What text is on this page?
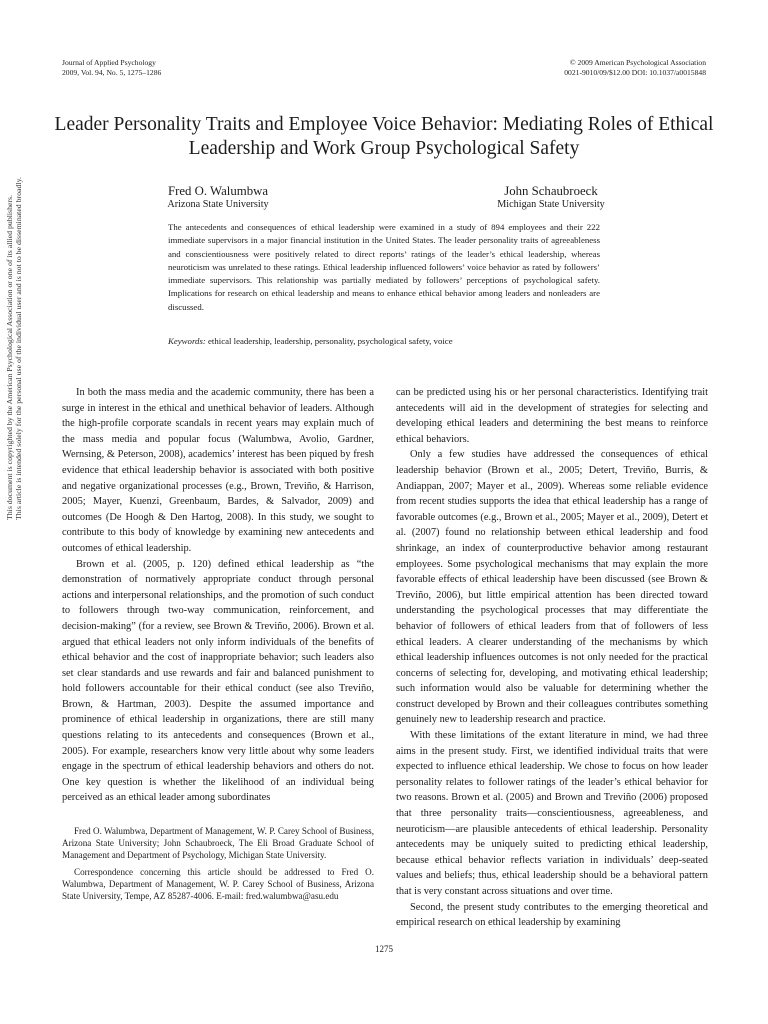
Journal of Applied Psychology
2009, Vol. 94, No. 5, 1275–1286
© 2009 American Psychological Association
0021-9010/09/$12.00 DOI: 10.1037/a0015848
This document is copyrighted by the American Psychological Association or one of its allied publishers. This article is intended solely for the personal use of the individual user and is not to be disseminated broadly.
Leader Personality Traits and Employee Voice Behavior: Mediating Roles of Ethical Leadership and Work Group Psychological Safety
Fred O. Walumbwa
Arizona State University
John Schaubroeck
Michigan State University

The antecedents and consequences of ethical leadership were examined in a study of 894 employees and their 222 immediate supervisors in a major financial institution in the United States. The leader personality traits of agreeableness and conscientiousness were positively related to direct reports’ ratings of the leader’s ethical leadership, whereas neuroticism was unrelated to these ratings. Ethical leadership influenced followers’ voice behavior as rated by followers’ immediate supervisors. This relationship was partially mediated by followers’ perceptions of psychological safety. Implications for research on ethical leadership and means to enhance ethical behavior among leaders and nonleaders are discussed.

Keywords: ethical leadership, leadership, personality, psychological safety, voice

In both the mass media and the academic community, there has been a surge in interest in the ethical and unethical behavior of leaders. Although the high-profile corporate scandals in recent years may explain much of the mass media and popular focus (Walumbwa, Avolio, Gardner, Wernsing, & Peterson, 2008), academics’ interest has been piqued by fresh evidence that ethical leadership behavior is associated with both positive and negative organizational processes (e.g., Brown, Treviño, & Harrison, 2005; Mayer, Kuenzi, Greenbaum, Bardes, & Salvador, 2009) and outcomes (De Hoogh & Den Hartog, 2008). In this study, we sought to contribute to this body of knowledge by examining new antecedents and outcomes of ethical leadership.

Brown et al. (2005, p. 120) defined ethical leadership as “the demonstration of normatively appropriate conduct through personal actions and interpersonal relationships, and the promotion of such conduct to followers through two-way communication, reinforcement, and decision-making” (for a review, see Brown & Treviño, 2006). Brown et al. argued that ethical leaders not only inform individuals of the benefits of ethical behavior and the cost of inappropriate behavior; such leaders also set clear standards and use rewards and fair and balanced punishment to hold followers accountable for their ethical conduct (see also Treviño, Brown, & Hartman, 2003). Despite the assumed importance and prominence of ethical leadership in organizations, there are still many questions relating to its antecedents and consequences (Brown et al., 2005). For example, researchers know very little about why some leaders engage in the spectrum of ethical leadership behaviors and others do not. One key question is whether the likelihood of an individual being perceived as an ethical leader among subordinates

can be predicted using his or her personal characteristics. Identifying trait antecedents will aid in the development of strategies for selecting and developing ethical leaders and determining the best means to reinforce ethical behaviors.

Only a few studies have addressed the consequences of ethical leadership behavior (Brown et al., 2005; Detert, Treviño, Burris, & Andiappan, 2007; Mayer et al., 2009). Whereas some reliable evidence from recent studies supports the idea that ethical leadership has a range of favorable outcomes (e.g., Brown et al., 2005; Mayer et al., 2009), Detert et al. (2007) found no relationship between ethical leadership and food shrinkage, an index of counterproductive behavior among restaurant employees. Some psychological mechanisms that may explain the more favorable effects of ethical leadership have been discussed (see Brown & Treviño, 2006), but little empirical attention has been directed toward understanding the psychological processes that may differentiate the behavior of followers of ethical leaders from that of followers of less ethical leaders. A clearer understanding of the mechanisms by which ethical leadership influences outcomes is not only needed for the practical concerns of selecting for, developing, and motivating ethical leadership; such information would also be valuable for determining whether the construct developed by Brown and their colleagues contributes something genuinely new to leadership research and practice.

With these limitations of the extant literature in mind, we had three aims in the present study. First, we identified individual traits that were expected to influence ethical leadership. We chose to focus on how leader personality relates to follower ratings of the leader’s ethical behavior for two reasons. Brown et al. (2005) and Brown and Treviño (2006) proposed that three personality traits—conscientiousness, agreeableness, and neuroticism—are plausible antecedents of ethical leadership. Personality antecedents may be uniquely suited to predicting ethical leadership, because ethical behavior reflects variation in individuals’ deep-seated values and beliefs; thus, ethical leadership should be a behavioral pattern that is very constant across situations and over time.

Second, the present study contributes to the emerging theoretical and empirical research on ethical leadership by examining

Fred O. Walumbwa, Department of Management, W. P. Carey School of Business, Arizona State University; John Schaubroeck, The Eli Broad Graduate School of Management and Department of Psychology, Michigan State University.

Correspondence concerning this article should be addressed to Fred O. Walumbwa, Department of Management, W. P. Carey School of Business, Arizona State University, Tempe, AZ 85287-4006. E-mail: fred.walumbwa@asu.edu

1275
